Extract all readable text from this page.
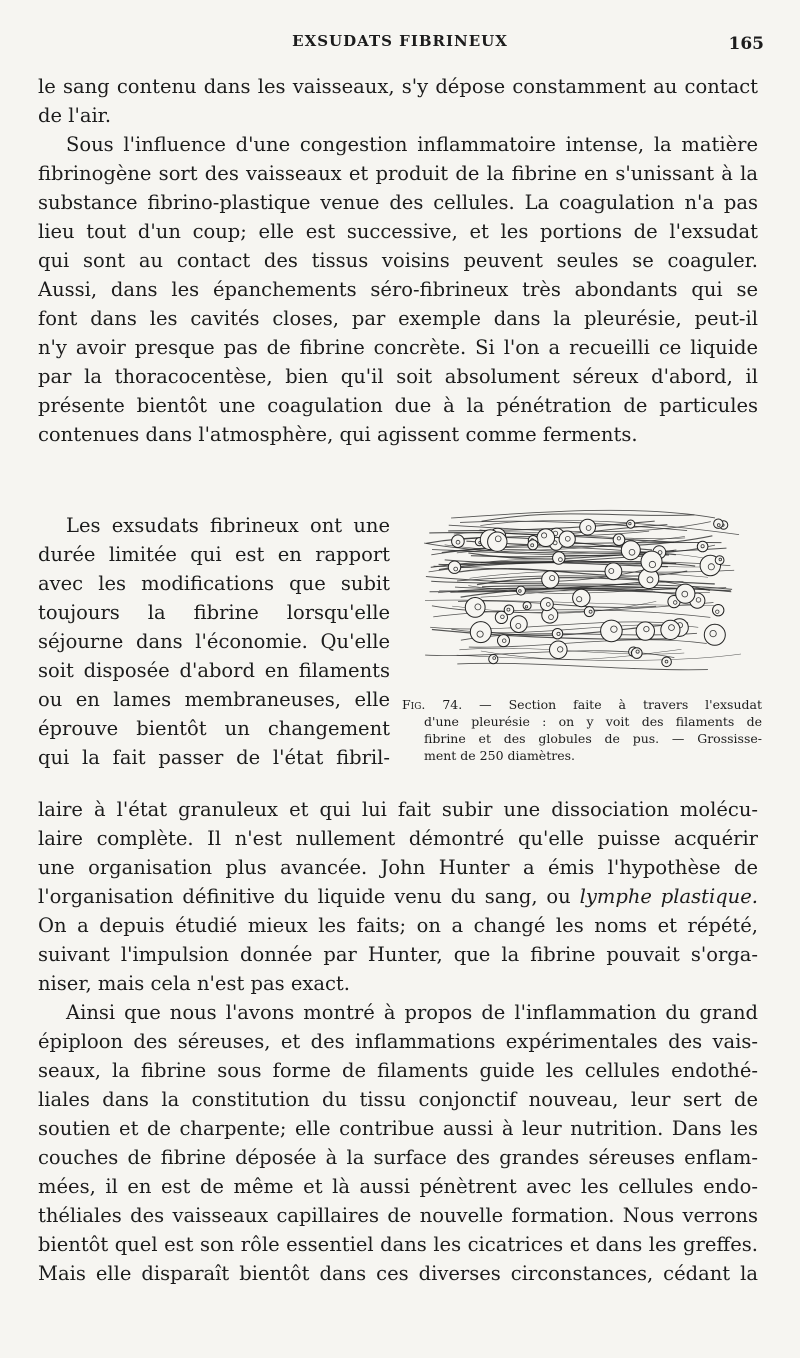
EXSUDATS FIBRINEUX	165
le sang contenu dans les vaisseaux, s'y dépose constamment au contact
de l'air.
Sous l'influence d'une congestion inflammatoire intense, la matière
fibrinogène sort des vaisseaux et produit de la fibrine en s'unissant à la
substance fibrino-plastique venue des cellules. La coagulation n'a pas
lieu tout d'un coup; elle est successive, et les portions de l'exsudat
qui sont au contact des tissus voisins peuvent seules se coaguler.
Aussi, dans les épanchements séro-fibrineux très abondants qui se
font dans les cavités closes, par exemple dans la pleurésie, peut-il
n'y avoir presque pas de fibrine concrète. Si l'on a recueilli ce liquide
par la thoracocentèse, bien qu'il soit absolument séreux d'abord, il
présente bientôt une coagulation due à la pénétration de particules
contenues dans l'atmosphère, qui agissent comme ferments.
Les exsudats fibrineux ont une
durée limitée qui est en rapport
avec les modifications que subit
toujours la fibrine lorsqu'elle
séjourne dans l'économie. Qu'elle
soit disposée d'abord en filaments
ou en lames membraneuses, elle
éprouve bientôt un changement
qui la fait passer de l'état fibril-
Fig. 74. — Section faite à travers l'exsudat
d'une pleurésie : on y voit des filaments de
fibrine et des globules de pus. — Grossisse-
ment de 250 diamètres.
laire à l'état granuleux et qui lui fait subir une dissociation molécu-
laire complète. Il n'est nullement démontré qu'elle puisse acquérir
une organisation plus avancée. John Hunter a émis l'hypothèse de
l'organisation définitive du liquide venu du sang, ou lymphe plastique.
On a depuis étudié mieux les faits; on a changé les noms et répété,
suivant l'impulsion donnée par Hunter, que la fibrine pouvait s'orga-
niser, mais cela n'est pas exact.
Ainsi que nous l'avons montré à propos de l'inflammation du grand
épiploon des séreuses, et des inflammations expérimentales des vais-
seaux, la fibrine sous forme de filaments guide les cellules endothé-
liales dans la constitution du tissu conjonctif nouveau, leur sert de
soutien et de charpente; elle contribue aussi à leur nutrition. Dans les
couches de fibrine déposée à la surface des grandes séreuses enflam-
mées, il en est de même et là aussi pénètrent avec les cellules endo-
théliales des vaisseaux capillaires de nouvelle formation. Nous verrons
bientôt quel est son rôle essentiel dans les cicatrices et dans les greffes.
Mais elle disparaît bientôt dans ces diverses circonstances, cédant la
